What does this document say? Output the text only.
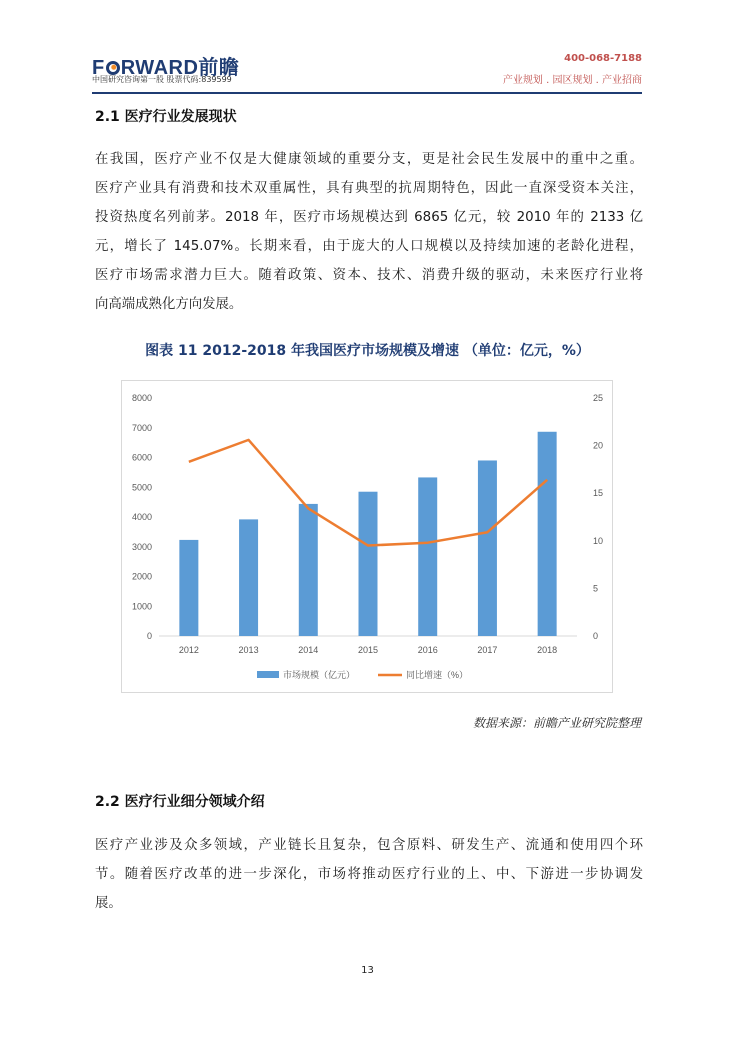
F RWARD前瞻
中国研究咨询第一股 股票代码:839599
400-068-7188
产业规划 . 园区规划 . 产业招商
2.1 医疗行业发展现状
在我国，医疗产业不仅是大健康领域的重要分支，更是社会民生发展中的重中之重。
医疗产业具有消费和技术双重属性，具有典型的抗周期特色，因此一直深受资本关注，
投资热度名列前茅。2018 年，医疗市场规模达到 6865 亿元，较 2010 年的 2133 亿
元，增长了 145.07%。长期来看，由于庞大的人口规模以及持续加速的老龄化进程，
医疗市场需求潜力巨大。随着政策、资本、技术、消费升级的驱动，未来医疗行业将
向高端成熟化方向发展。
图表 11 2012-2018 年我国医疗市场规模及增速 （单位：亿元，%）
0
1000
2000
3000
4000
5000
6000
7000
8000
0
5
10
15
20
25
2012	2013	2014	2015	2016	2017	2018
市场规模（亿元）	同比增速（%）
数据来源：前瞻产业研究院整理
2.2 医疗行业细分领域介绍
医疗产业涉及众多领域，产业链长且复杂，包含原料、研发生产、流通和使用四个环
节。随着医疗改革的进一步深化，市场将推动医疗行业的上、中、下游进一步协调发
展。
13
